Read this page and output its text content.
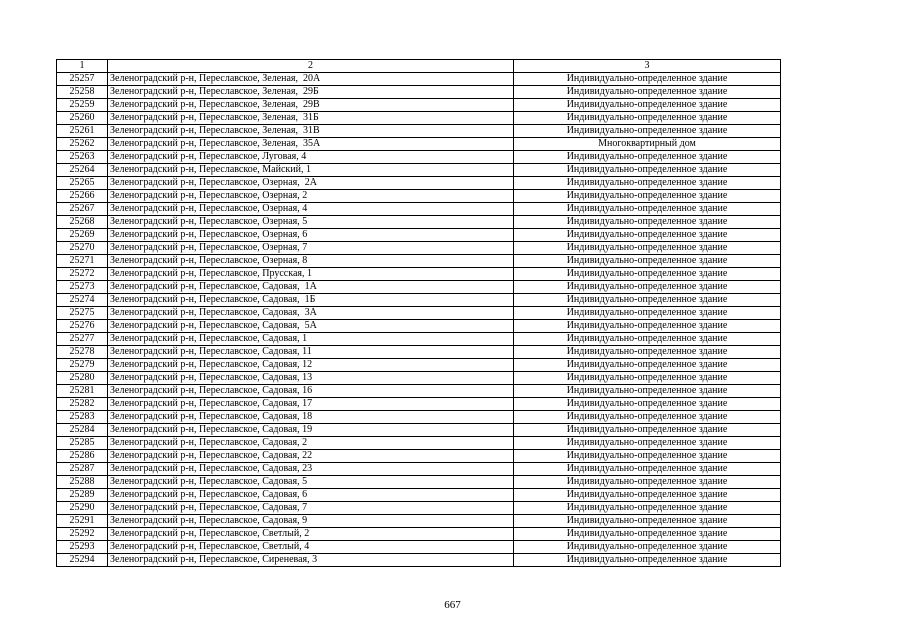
1	2	3
25257	Зеленоградский р-н, Переславское, Зеленая,  20А	Индивидуально-определенное здание
25258	Зеленоградский р-н, Переславское, Зеленая,  29Б	Индивидуально-определенное здание
25259	Зеленоградский р-н, Переславское, Зеленая,  29В	Индивидуально-определенное здание
25260	Зеленоградский р-н, Переславское, Зеленая,  31Б	Индивидуально-определенное здание
25261	Зеленоградский р-н, Переславское, Зеленая,  31В	Индивидуально-определенное здание
25262	Зеленоградский р-н, Переславское, Зеленая,  35А	Многоквартирный дом
25263	Зеленоградский р-н, Переславское, Луговая, 4	Индивидуально-определенное здание
25264	Зеленоградский р-н, Переславское, Майский, 1	Индивидуально-определенное здание
25265	Зеленоградский р-н, Переславское, Озерная,  2А	Индивидуально-определенное здание
25266	Зеленоградский р-н, Переславское, Озерная, 2	Индивидуально-определенное здание
25267	Зеленоградский р-н, Переславское, Озерная, 4	Индивидуально-определенное здание
25268	Зеленоградский р-н, Переславское, Озерная, 5	Индивидуально-определенное здание
25269	Зеленоградский р-н, Переславское, Озерная, 6	Индивидуально-определенное здание
25270	Зеленоградский р-н, Переславское, Озерная, 7	Индивидуально-определенное здание
25271	Зеленоградский р-н, Переславское, Озерная, 8	Индивидуально-определенное здание
25272	Зеленоградский р-н, Переславское, Прусская, 1	Индивидуально-определенное здание
25273	Зеленоградский р-н, Переславское, Садовая,  1А	Индивидуально-определенное здание
25274	Зеленоградский р-н, Переславское, Садовая,  1Б	Индивидуально-определенное здание
25275	Зеленоградский р-н, Переславское, Садовая,  3А	Индивидуально-определенное здание
25276	Зеленоградский р-н, Переславское, Садовая,  5А	Индивидуально-определенное здание
25277	Зеленоградский р-н, Переславское, Садовая, 1	Индивидуально-определенное здание
25278	Зеленоградский р-н, Переславское, Садовая, 11	Индивидуально-определенное здание
25279	Зеленоградский р-н, Переславское, Садовая, 12	Индивидуально-определенное здание
25280	Зеленоградский р-н, Переславское, Садовая, 13	Индивидуально-определенное здание
25281	Зеленоградский р-н, Переславское, Садовая, 16	Индивидуально-определенное здание
25282	Зеленоградский р-н, Переславское, Садовая, 17	Индивидуально-определенное здание
25283	Зеленоградский р-н, Переславское, Садовая, 18	Индивидуально-определенное здание
25284	Зеленоградский р-н, Переславское, Садовая, 19	Индивидуально-определенное здание
25285	Зеленоградский р-н, Переславское, Садовая, 2	Индивидуально-определенное здание
25286	Зеленоградский р-н, Переславское, Садовая, 22	Индивидуально-определенное здание
25287	Зеленоградский р-н, Переславское, Садовая, 23	Индивидуально-определенное здание
25288	Зеленоградский р-н, Переславское, Садовая, 5	Индивидуально-определенное здание
25289	Зеленоградский р-н, Переславское, Садовая, 6	Индивидуально-определенное здание
25290	Зеленоградский р-н, Переславское, Садовая, 7	Индивидуально-определенное здание
25291	Зеленоградский р-н, Переславское, Садовая, 9	Индивидуально-определенное здание
25292	Зеленоградский р-н, Переславское, Светлый, 2	Индивидуально-определенное здание
25293	Зеленоградский р-н, Переславское, Светлый, 4	Индивидуально-определенное здание
25294	Зеленоградский р-н, Переславское, Сиреневая, 3	Индивидуально-определенное здание
667
